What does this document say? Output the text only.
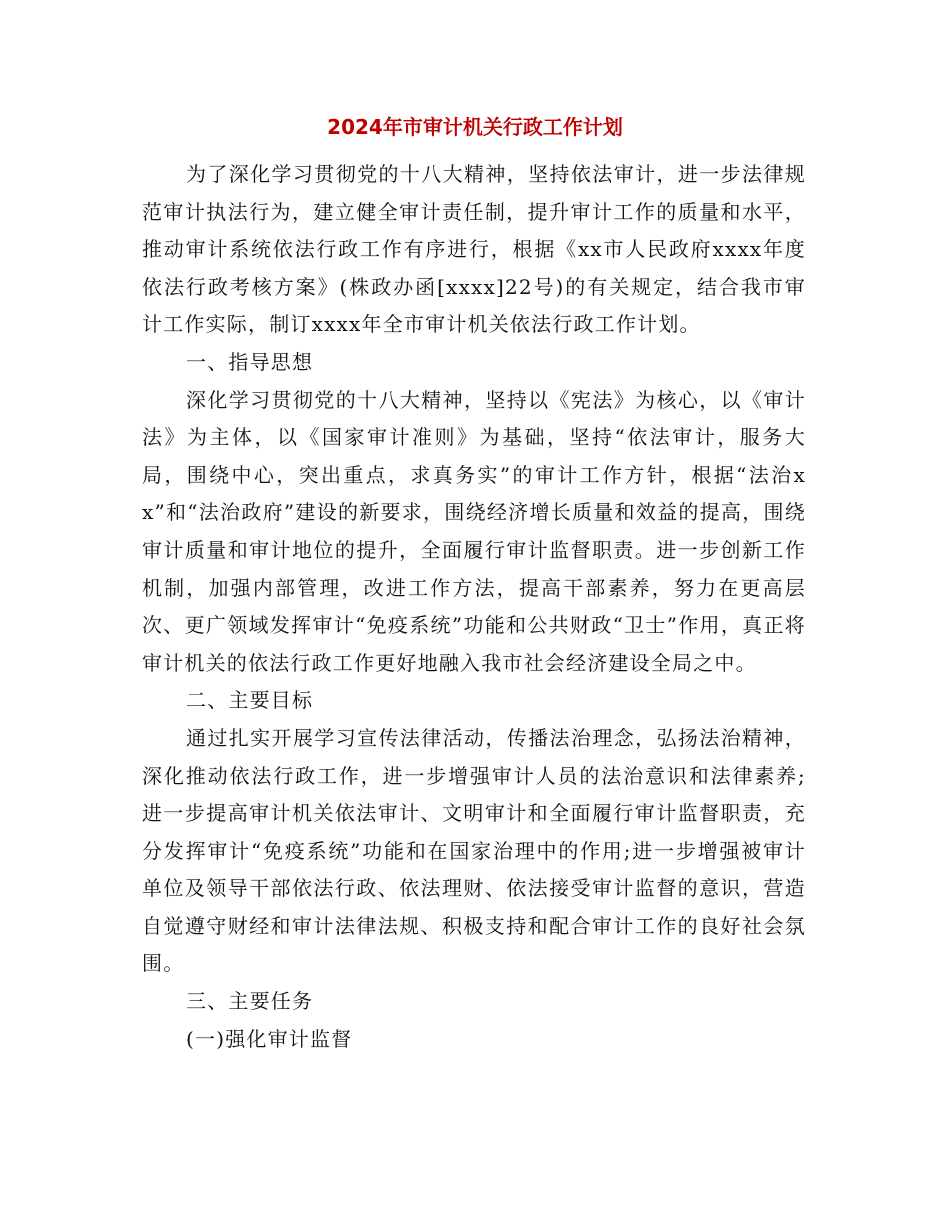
2024年市审计机关行政工作计划

为了深化学习贯彻党的十八大精神，坚持依法审计，进一步法律规范审计执法行为，建立健全审计责任制，提升审计工作的质量和水平，推动审计系统依法行政工作有序进行，根据《xx市人民政府xxxx年度依法行政考核方案》(株政办函[xxxx]22号)的有关规定，结合我市审计工作实际，制订xxxx年全市审计机关依法行政工作计划。

一、指导思想

深化学习贯彻党的十八大精神，坚持以《宪法》为核心，以《审计法》为主体，以《国家审计准则》为基础，坚持“依法审计，服务大局，围绕中心，突出重点，求真务实”的审计工作方针，根据“法治xx”和“法治政府”建设的新要求，围绕经济增长质量和效益的提高，围绕审计质量和审计地位的提升，全面履行审计监督职责。进一步创新工作机制，加强内部管理，改进工作方法，提高干部素养，努力在更高层次、更广领域发挥审计“免疫系统”功能和公共财政“卫士”作用，真正将审计机关的依法行政工作更好地融入我市社会经济建设全局之中。

二、主要目标

通过扎实开展学习宣传法律活动，传播法治理念，弘扬法治精神，深化推动依法行政工作，进一步增强审计人员的法治意识和法律素养;进一步提高审计机关依法审计、文明审计和全面履行审计监督职责，充分发挥审计“免疫系统”功能和在国家治理中的作用;进一步增强被审计单位及领导干部依法行政、依法理财、依法接受审计监督的意识，营造自觉遵守财经和审计法律法规、积极支持和配合审计工作的良好社会氛围。

三、主要任务

(一)强化审计监督
